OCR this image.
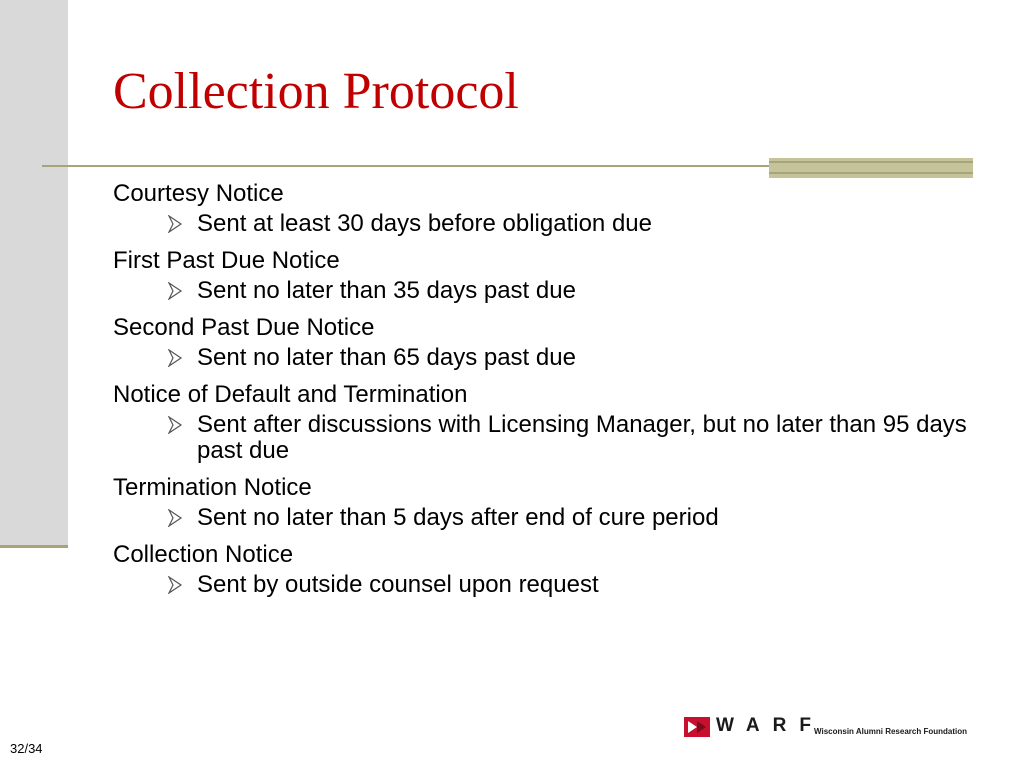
Collection Protocol
Courtesy Notice
Sent at least 30 days before obligation due
First Past Due Notice
Sent no later than 35 days past due
Second Past Due Notice
Sent no later than 65 days past due
Notice of Default and Termination
Sent after discussions with Licensing Manager, but no later than 95 days past due
Termination Notice
Sent no later than 5 days after end of cure period
Collection Notice
Sent by outside counsel upon request
32/34
WARF
Wisconsin Alumni Research Foundation
